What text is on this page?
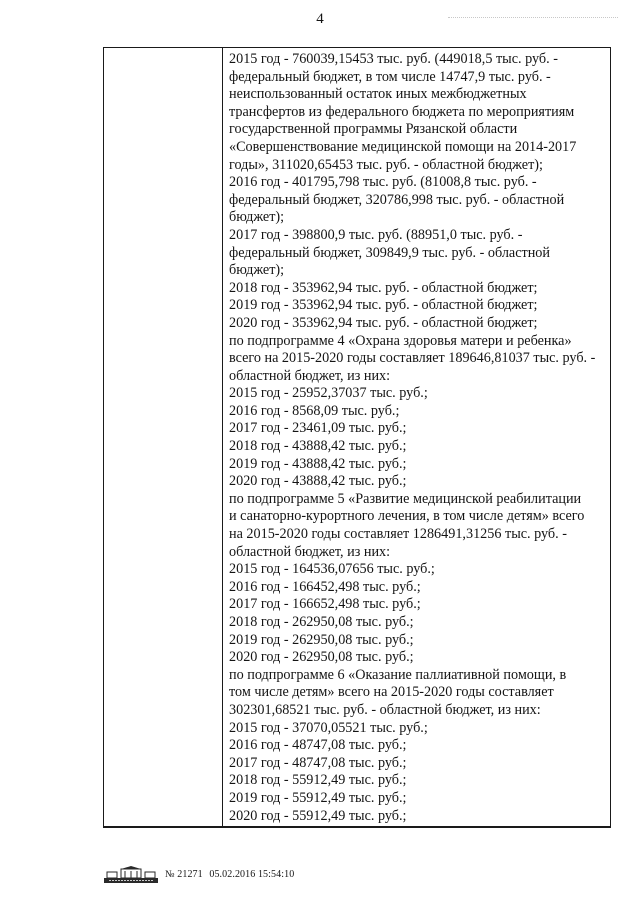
4
2015 год - 760039,15453 тыс. руб. (449018,5 тыс. руб. -
федеральный бюджет, в том числе 14747,9 тыс. руб. -
неиспользованный остаток иных межбюджетных
трансфертов из федерального бюджета по мероприятиям
государственной программы Рязанской области
«Совершенствование медицинской помощи на 2014-2017
годы», 311020,65453 тыс. руб. - областной бюджет);
2016 год - 401795,798 тыс. руб. (81008,8 тыс. руб. -
федеральный бюджет, 320786,998 тыс. руб. - областной
бюджет);
2017 год - 398800,9 тыс. руб. (88951,0 тыс. руб. -
федеральный бюджет, 309849,9 тыс. руб. - областной
бюджет);
2018 год - 353962,94 тыс. руб. - областной бюджет;
2019 год - 353962,94 тыс. руб. - областной бюджет;
2020 год - 353962,94 тыс. руб. - областной бюджет;
по подпрограмме 4 «Охрана здоровья матери и ребенка»
всего на 2015-2020 годы составляет 189646,81037 тыс. руб. -
областной бюджет, из них:
2015 год - 25952,37037 тыс. руб.;
2016 год - 8568,09 тыс. руб.;
2017 год - 23461,09 тыс. руб.;
2018 год - 43888,42 тыс. руб.;
2019 год - 43888,42 тыс. руб.;
2020 год - 43888,42 тыс. руб.;
по подпрограмме 5 «Развитие медицинской реабилитации
и санаторно-курортного лечения, в том числе детям» всего
на 2015-2020 годы составляет 1286491,31256 тыс. руб. -
областной бюджет, из них:
2015 год - 164536,07656 тыс. руб.;
2016 год - 166452,498 тыс. руб.;
2017 год - 166652,498 тыс. руб.;
2018 год - 262950,08 тыс. руб.;
2019 год - 262950,08 тыс. руб.;
2020 год - 262950,08 тыс. руб.;
по подпрограмме 6 «Оказание паллиативной помощи, в
том числе детям» всего на 2015-2020 годы составляет
302301,68521 тыс. руб. - областной бюджет, из них:
2015 год - 37070,05521 тыс. руб.;
2016 год - 48747,08 тыс. руб.;
2017 год - 48747,08 тыс. руб.;
2018 год - 55912,49 тыс. руб.;
2019 год - 55912,49 тыс. руб.;
2020 год - 55912,49 тыс. руб.;
№ 21271 05.02.2016 15:54:10
